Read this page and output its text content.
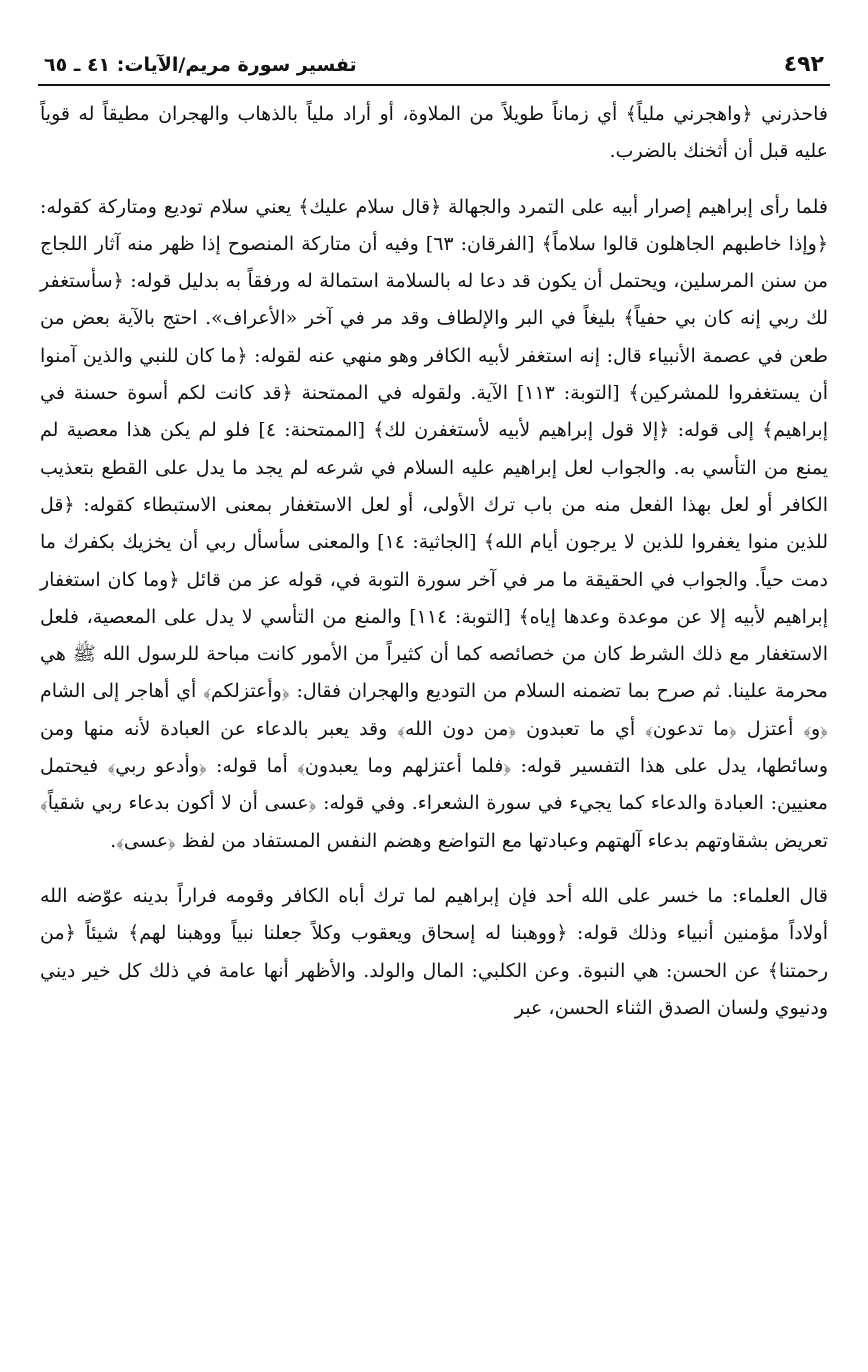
٤٩٢
تفسير سورة مريم/الآيات: ٤١ ـ ٦٥

فاحذرني ﴿واهجرني ملياً﴾ أي زماناً طويلاً من الملاوة، أو أراد ملياً بالذهاب والهجران مطيقاً له قوياً عليه قبل أن أثخنك بالضرب.

فلما رأى إبراهيم إصرار أبيه على التمرد والجهالة ﴿قال سلام عليك﴾ يعني سلام توديع ومتاركة كقوله: ﴿وإذا خاطبهم الجاهلون قالوا سلاماً﴾ [الفرقان: ٦٣] وفيه أن متاركة المنصوح إذا ظهر منه آثار اللجاج من سنن المرسلين، ويحتمل أن يكون قد دعا له بالسلامة استمالة له ورفقاً به بدليل قوله: ﴿سأستغفر لك ربي إنه كان بي حفياً﴾ بليغاً في البر والإلطاف وقد مر في آخر «الأعراف». احتج بالآية بعض من طعن في عصمة الأنبياء قال: إنه استغفر لأبيه الكافر وهو منهي عنه لقوله: ﴿ما كان للنبي والذين آمنوا أن يستغفروا للمشركين﴾ [التوبة: ١١٣] الآية. ولقوله في الممتحنة ﴿قد كانت لكم أسوة حسنة في إبراهيم﴾ إلى قوله: ﴿إلا قول إبراهيم لأبيه لأستغفرن لك﴾ [الممتحنة: ٤] فلو لم يكن هذا معصية لم يمنع من التأسي به. والجواب لعل إبراهيم عليه السلام في شرعه لم يجد ما يدل على القطع بتعذيب الكافر أو لعل بهذا الفعل منه من باب ترك الأولى، أو لعل الاستغفار بمعنى الاستبطاء كقوله: ﴿قل للذين منوا يغفروا للذين لا يرجون أيام الله﴾ [الجاثية: ١٤] والمعنى سأسأل ربي أن يخزيك بكفرك ما دمت حياً. والجواب في الحقيقة ما مر في آخر سورة التوبة في، قوله عز من قائل ﴿وما كان استغفار إبراهيم لأبيه إلا عن موعدة وعدها إياه﴾ [التوبة: ١١٤] والمنع من التأسي لا يدل على المعصية، فلعل الاستغفار مع ذلك الشرط كان من خصائصه كما أن كثيراً من الأمور كانت مباحة للرسول الله ﷺ هي محرمة علينا. ثم صرح بما تضمنه السلام من التوديع والهجران فقال: ﴿وأعتزلكم﴾ أي أهاجر إلى الشام ﴿و﴾ أعتزل ﴿ما تدعون﴾ أي ما تعبدون ﴿من دون الله﴾ وقد يعبر بالدعاء عن العبادة لأنه منها ومن وسائطها، يدل على هذا التفسير قوله: ﴿فلما أعتزلهم وما يعبدون﴾ أما قوله: ﴿وأدعو ربي﴾ فيحتمل معنيين: العبادة والدعاء كما يجيء في سورة الشعراء. وفي قوله: ﴿عسى أن لا أكون بدعاء ربي شقياً﴾ تعريض بشقاوتهم بدعاء آلهتهم وعبادتها مع التواضع وهضم النفس المستفاد من لفظ ﴿عسى﴾.

قال العلماء: ما خسر على الله أحد فإن إبراهيم لما ترك أباه الكافر وقومه فراراً بدينه عوّضه الله أولاداً مؤمنين أنبياء وذلك قوله: ﴿ووهبنا له إسحاق ويعقوب وكلاً جعلنا نبياً ووهبنا لهم﴾ شيئاً ﴿من رحمتنا﴾ عن الحسن: هي النبوة. وعن الكلبي: المال والولد. والأظهر أنها عامة في ذلك كل خير ديني ودنيوي ولسان الصدق الثناء الحسن، عبر
